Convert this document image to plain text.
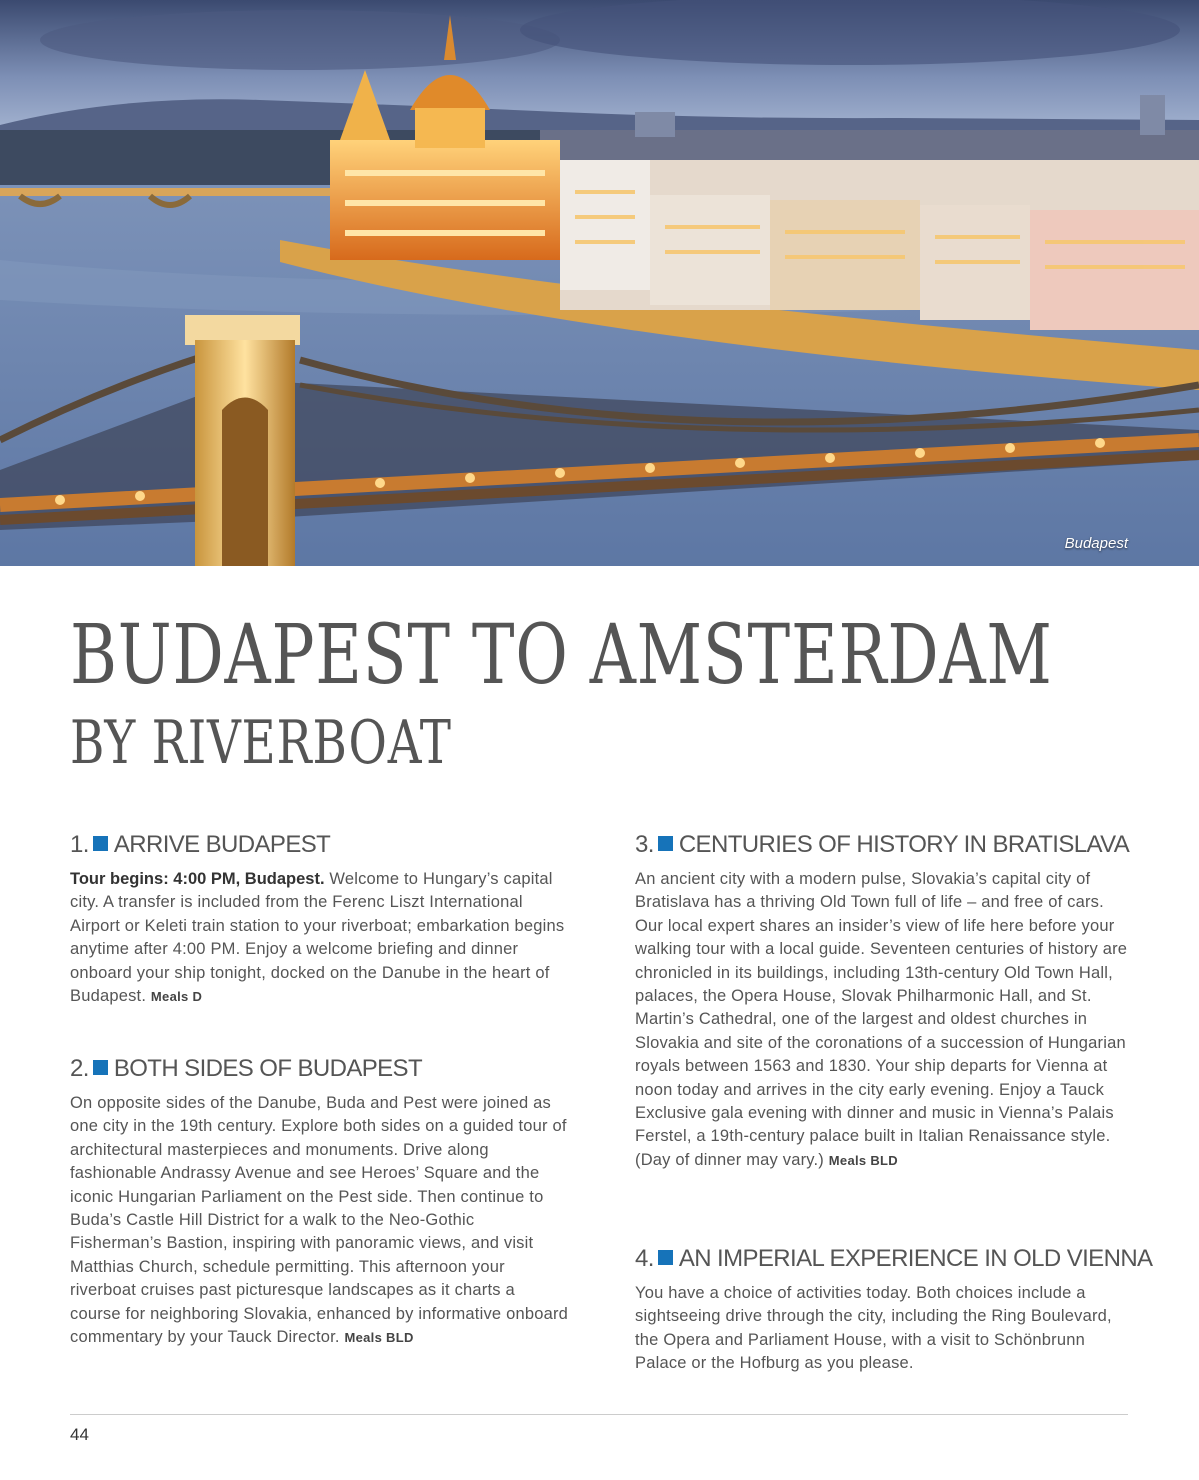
Budapest
BUDAPEST TO AMSTERDAM
BY RIVERBOAT
1. ARRIVE BUDAPEST

Tour begins: 4:00 PM, Budapest. Welcome to Hungary’s capital city. A transfer is included from the Ferenc Liszt International Airport or Keleti train station to your riverboat; embarkation begins anytime after 4:00 PM. Enjoy a welcome briefing and dinner onboard your ship tonight, docked on the Danube in the heart of Budapest. Meals D

2. BOTH SIDES OF BUDAPEST

On opposite sides of the Danube, Buda and Pest were joined as one city in the 19th century. Explore both sides on a guided tour of architectural masterpieces and monuments. Drive along fashionable Andrassy Avenue and see Heroes’ Square and the iconic Hungarian Parliament on the Pest side. Then continue to Buda’s Castle Hill District for a walk to the Neo-Gothic Fisherman’s Bastion, inspiring with panoramic views, and visit Matthias Church, schedule permitting. This afternoon your riverboat cruises past picturesque landscapes as it charts a course for neighboring Slovakia, enhanced by informative onboard commentary by your Tauck Director. Meals BLD

3. CENTURIES OF HISTORY IN BRATISLAVA

An ancient city with a modern pulse, Slovakia’s capital city of Bratislava has a thriving Old Town full of life – and free of cars. Our local expert shares an insider’s view of life here before your walking tour with a local guide. Seventeen centuries of history are chronicled in its buildings, including 13th-century Old Town Hall, palaces, the Opera House, Slovak Philharmonic Hall, and St. Martin’s Cathedral, one of the largest and oldest churches in Slovakia and site of the coronations of a succession of Hungarian royals between 1563 and 1830. Your ship departs for Vienna at noon today and arrives in the city early evening. Enjoy a Tauck Exclusive gala evening with dinner and music in Vienna’s Palais Ferstel, a 19th-century palace built in Italian Renaissance style. (Day of dinner may vary.) Meals BLD

4. AN IMPERIAL EXPERIENCE IN OLD VIENNA

You have a choice of activities today. Both choices include a sightseeing drive through the city, including the Ring Boulevard, the Opera and Parliament House, with a visit to Schönbrunn Palace or the Hofburg as you please.

44
